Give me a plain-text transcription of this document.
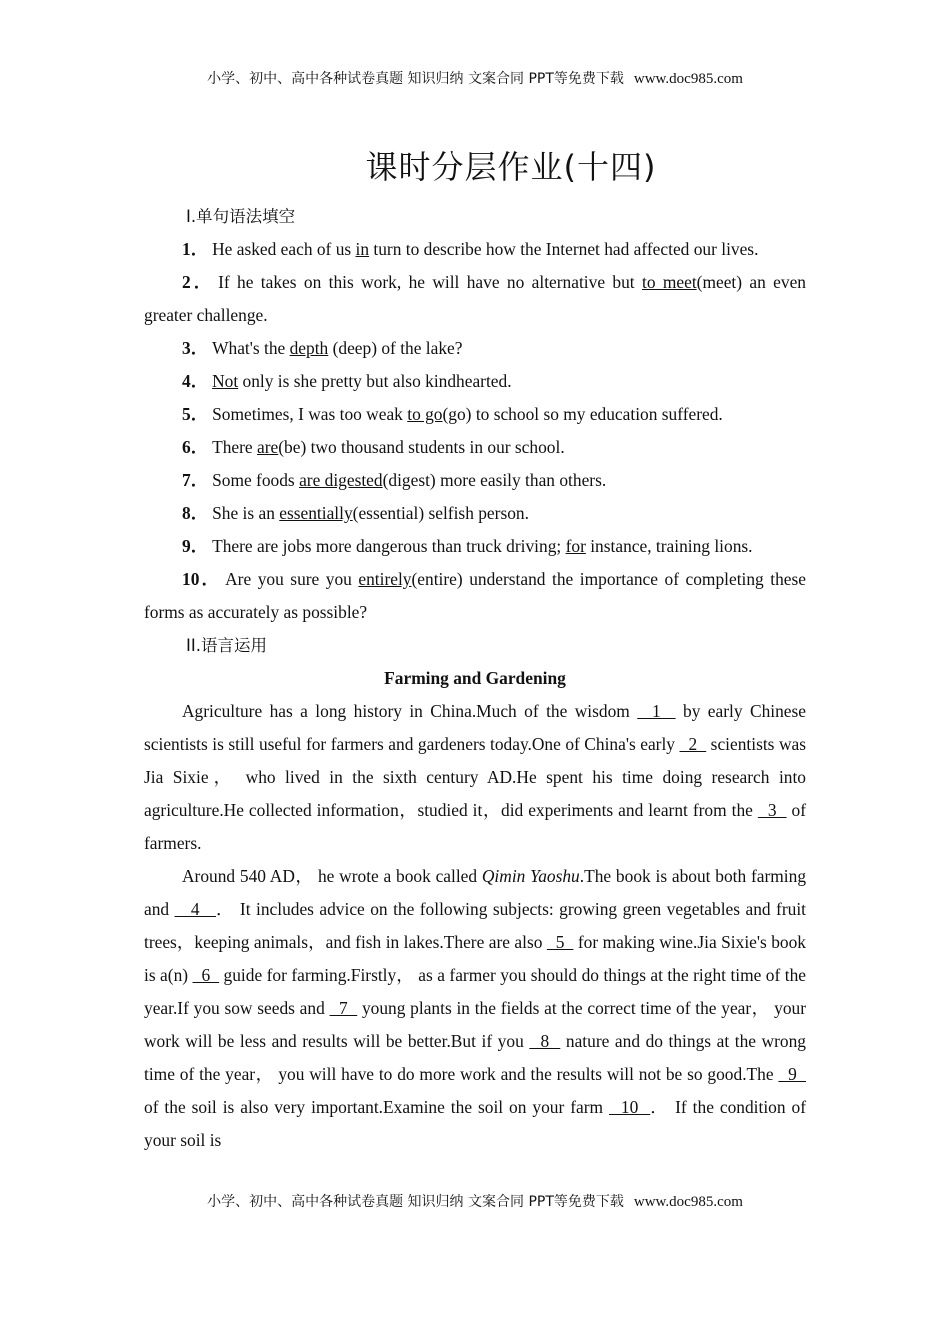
小学、初中、高中各种试卷真题 知识归纳 文案合同 PPT等免费下载 www.doc985.com
课时分层作业(十四)

Ⅰ.单句语法填空

1． He asked each of us in turn to describe how the Internet had affected our lives.

2． If he takes on this work, he will have no alternative but to meet(meet) an even greater challenge.

3． What's the depth (deep) of the lake?

4． Not only is she pretty but also kindhearted.

5． Sometimes, I was too weak to go(go) to school so my education suffered.

6． There are(be) two thousand students in our school.

7． Some foods are digested(digest) more easily than others.

8． She is an essentially(essential) selfish person.

9． There are jobs more dangerous than truck driving; for instance, training lions.

10． Are you sure you entirely(entire) understand the importance of completing these forms as accurately as possible?

II.语言运用

Farming and Gardening

Agriculture has a long history in China.Much of the wisdom   1   by early Chinese scientists is still useful for farmers and gardeners today.One of China's early   2   scientists was Jia Sixie， who lived in the sixth century AD.He spent his time doing research into agriculture.He collected information，studied it，did experiments and learnt from the   3   of farmers.

Around 540 AD， he wrote a book called Qimin Yaoshu.The book is about both farming and    4   ． It includes advice on the following subjects: growing green vegetables and fruit trees，keeping animals，and fish in lakes.There are also   5   for making wine.Jia Sixie's book is a(n)   6   guide for farming.Firstly， as a farmer you should do things at the right time of the year.If you sow seeds and   7   young plants in the fields at the correct time of the year， your work will be less and results will be better.But if you   8   nature and do things at the wrong time of the year， you will have to do more work and the results will not be so good.The   9   of the soil is also very important.Examine the soil on your farm   10  ． If the condition of your soil is

小学、初中、高中各种试卷真题 知识归纳 文案合同 PPT等免费下载 www.doc985.com
